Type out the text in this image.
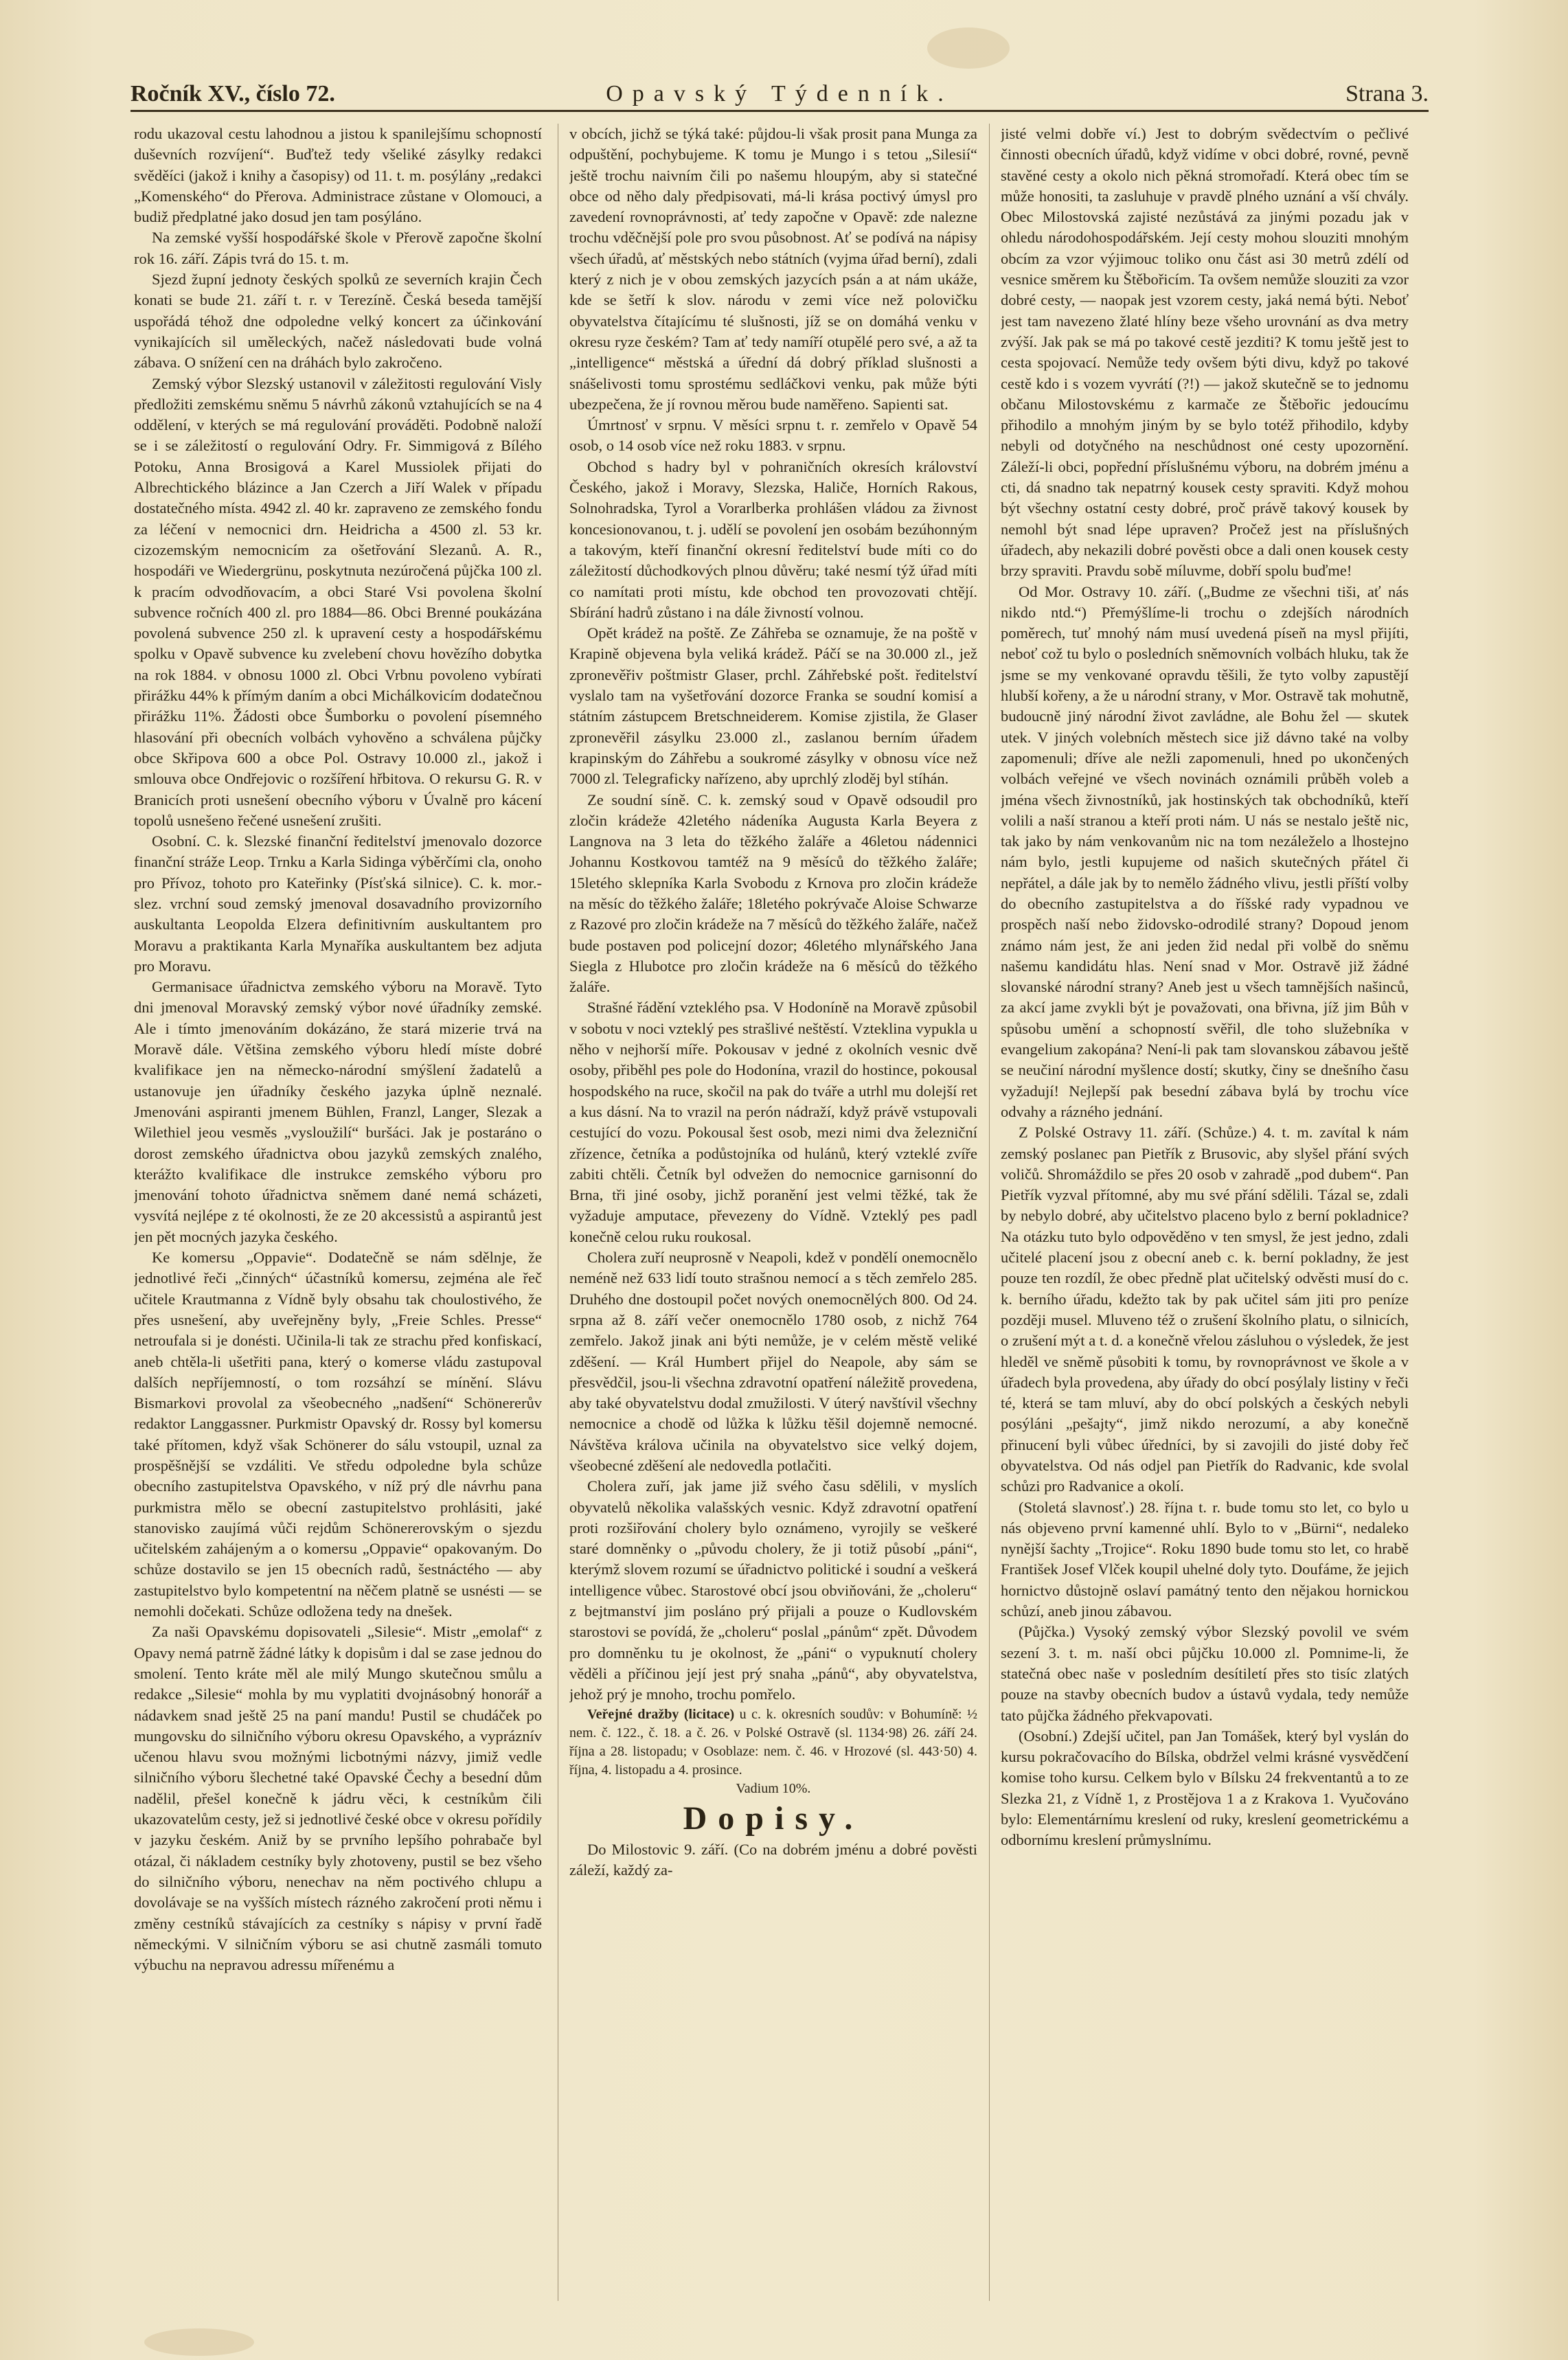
Ročník XV., číslo 72.	Opavský Týdenník.	Strana 3.

rodu ukazoval cestu lahodnou a jistou k spanilejšímu schopností duševních rozvíjení“. Buďtež tedy všeliké zásylky redakci svěděíci (jakož i knihy a časopisy) od 11. t. m. posýlány „redakci „Komenského“ do Přerova. Administrace zůstane v Olomouci, a budiž předplatné jako dosud jen tam posýláno.

Na zemské vyšší hospodářské škole v Přerově započne školní rok 16. září. Zápis tvrá do 15. t. m.

Sjezd župní jednoty českých spolků ze severních krajin Čech konati se bude 21. září t. r. v Terezíně. Česká beseda tamější uspořádá téhož dne odpoledne velký koncert za účinkování vynikajících sil uměleckých, načež následovati bude volná zábava. O snížení cen na dráhách bylo zakročeno.

Zemský výbor Slezský ustanovil v záležitosti regulování Visly předložiti zemskému sněmu 5 návrhů zákonů vztahujících se na 4 oddělení, v kterých se má regulování prováděti. Podobně naloží se i se záležitostí o regulování Odry. Fr. Simmigová z Bílého Potoku, Anna Brosigová a Karel Mussiolek přijati do Albrechtického blázince a Jan Czerch a Jiří Walek v případu dostatečného místa. 4942 zl. 40 kr. zapraveno ze zemského fondu za léčení v nemocnici drn. Heidricha a 4500 zl. 53 kr. cizozemským nemocnicím za ošetřování Slezanů. A. R., hospodáři ve Wiedergrünu, poskytnuta nezúročená půjčka 100 zl. k pracím odvodňovacím, a obci Staré Vsi povolena školní subvence ročních 400 zl. pro 1884—86. Obci Brenné poukázána povolená subvence 250 zl. k upravení cesty a hospodářskému spolku v Opavě subvence ku zvelebení chovu hovězího dobytka na rok 1884. v obnosu 1000 zl. Obci Vrbnu povoleno vybírati přirážku 44% k přímým daním a obci Michálkovicím dodatečnou přirážku 11%. Žádosti obce Šumborku o povolení písemného hlasování při obecních volbách vyhověno a schválena půjčky obce Skřipova 600 a obce Pol. Ostravy 10.000 zl., jakož i smlouva obce Ondřejovic o rozšíření hřbitova. O rekursu G. R. v Branicích proti usnešení obecního výboru v Úvalně pro kácení topolů usnešeno řečené usnešení zrušiti.

Osobní. C. k. Slezské finanční ředitelství jmenovalo dozorce finanční stráže Leop. Trnku a Karla Sidinga výběrčími cla, onoho pro Přívoz, tohoto pro Kateřinky (Písťská silnice). C. k. mor.-slez. vrchní soud zemský jmenoval dosavadního provizorního auskultanta Leopolda Elzera definitivním auskultantem pro Moravu a praktikanta Karla Mynaříka auskultantem bez adjuta pro Moravu.

Germanisace úřadnictva zemského výboru na Moravě. Tyto dni jmenoval Moravský zemský výbor nové úřadníky zemské. Ale i tímto jmenováním dokázáno, že stará mizerie trvá na Moravě dále. Většina zemského výboru hledí míste dobré kvalifikace jen na německo-národní smýšlení žadatelů a ustanovuje jen úřadníky českého jazyka úplně neznalé. Jmenováni aspiranti jmenem Bühlen, Franzl, Langer, Slezak a Wilethiel jeou vesměs „vysloužilí“ buršáci. Jak je postaráno o dorost zemského úřadnictva obou jazyků zemských znalého, kterážto kvalifikace dle instrukce zemského výboru pro jmenování tohoto úřadnictva sněmem dané nemá scházeti, vysvítá nejlépe z té okolnosti, že ze 20 akcessistů a aspirantů jest jen pět mocných jazyka českého.

Ke komersu „Oppavie“. Dodatečně se nám sdělnje, že jednotlivé řeči „činných“ účastníků komersu, zejména ale řeč učitele Krautmanna z Vídně byly obsahu tak choulostivého, že přes usnešení, aby uveřejněny byly, „Freie Schles. Presse“ netroufala si je donésti. Učinila-li tak ze strachu před konfiskací, aneb chtěla-li ušetřiti pana, který o komerse vládu zastupoval dalších nepříjemností, o tom rozsáhzí se mínění. Slávu Bismarkovi provolal za všeobecného „nadšení“ Schönererův redaktor Langgassner. Purkmistr Opavský dr. Rossy byl komersu také přítomen, když však Schönerer do sálu vstoupil, uznal za prospěšnější se vzdáliti. Ve středu odpoledne byla schůze obecního zastupitelstva Opavského, v níž prý dle návrhu pana purkmistra mělo se obecní zastupitelstvo prohlásiti, jaké stanovisko zaujímá vůči rejdům Schönererovským o sjezdu učitelském zahájeným a o komersu „Oppavie“ opakovaným. Do schůze dostavilo se jen 15 obecních radů, šestnáctého — aby zastupitelstvo bylo kompetentní na něčem platně se usnésti — se nemohli dočekati. Schůze odložena tedy na dnešek.

Za naši Opavskému dopisovateli „Silesie“. Mistr „emolaf“ z Opavy nemá patrně žádné látky k dopisům i dal se zase jednou do smolení. Tento kráte měl ale milý Mungo skutečnou smůlu a redakce „Silesie“ mohla by mu vyplatiti dvojnásobný honorář a nádavkem snad ještě 25 na paní mandu! Pustil se chudáček po mungovsku do silničního výboru okresu Opavského, a vypráznív učenou hlavu svou možnými licbotnými názvy, jimiž vedle silničního výboru šlechetné také Opavské Čechy a besední dům nadělil, přešel konečně k jádru věci, k cestníkům čili ukazovatelům cesty, jež si jednotlivé české obce v okresu pořídily v jazyku českém. Aniž by se prvního lepšího pohrabače byl otázal, či nákladem cestníky byly zhotoveny, pustil se bez všeho do silničního výboru, nenechav na něm poctivého chlupu a dovolávaje se na vyšších místech rázného zakročení proti němu i změny cestníků stávajících za cestníky s nápisy v první řadě německými. V silničním výboru se asi chutně zasmáli tomuto výbuchu na nepravou adressu mířenému a

v obcích, jichž se týká také: půjdou-li však prosit pana Munga za odpuštění, pochybujeme. K tomu je Mungo i s tetou „Silesií“ ještě trochu naivním čili po našemu hloupým, aby si statečné obce od něho daly předpisovati, má-li krása poctivý úmysl pro zavedení rovnoprávnosti, ať tedy započne v Opavě: zde nalezne trochu vděčnější pole pro svou působnost. Ať se podívá na nápisy všech úřadů, ať městských nebo státních (vyjma úřad berní), zdali který z nich je v obou zemských jazycích psán a at nám ukáže, kde se šetří k slov. národu v zemi více než polovičku obyvatelstva čítajícímu té slušnosti, jíž se on domáhá venku v okresu ryze českém? Tam ať tedy namíří otupělé pero své, a až ta „intelligence“ městská a úřední dá dobrý příklad slušnosti a snášelivosti tomu sprostému sedláčkovi venku, pak může býti ubezpečena, že jí rovnou měrou bude naměřeno. Sapienti sat.

Úmrtnosť v srpnu. V měsíci srpnu t. r. zemřelo v Opavě 54 osob, o 14 osob více než roku 1883. v srpnu.

Obchod s hadry byl v pohraničních okresích království Českého, jakož i Moravy, Slezska, Haliče, Horních Rakous, Solnohradska, Tyrol a Vorarlberka prohlášen vládou za živnost koncesionovanou, t. j. udělí se povolení jen osobám bezúhonným a takovým, kteří finanční okresní ředitelství bude míti co do záležitostí důchodkových plnou důvěru; také nesmí týž úřad míti co namítati proti místu, kde obchod ten provozovati chtějí. Sbírání hadrů zůstano i na dále živností volnou.

Opět krádež na poště. Ze Záhřeba se oznamuje, že na poště v Krapině objevena byla veliká krádež. Páčí se na 30.000 zl., jež zpronevěřiv poštmistr Glaser, prchl. Záhřebské pošt. ředitelství vyslalo tam na vyšetřování dozorce Franka se soudní komisí a státním zástupcem Bretschneiderem. Komise zjistila, že Glaser zpronevěřil zásylku 23.000 zl., zaslanou berním úřadem krapinským do Záhřebu a soukromé zásylky v obnosu více než 7000 zl. Telegraficky nařízeno, aby uprchlý zloděj byl stíhán.

Ze soudní síně. C. k. zemský soud v Opavě odsoudil pro zločin krádeže 42letého nádeníka Augusta Karla Beyera z Langnova na 3 leta do těžkého žaláře a 46letou nádennici Johannu Kostkovou tamtéž na 9 měsíců do těžkého žaláře; 15letého sklepníka Karla Svobodu z Krnova pro zločin krádeže na měsíc do těžkého žaláře; 18letého pokrývače Aloise Schwarze z Razové pro zločin krádeže na 7 měsíců do těžkého žaláře, načež bude postaven pod policejní dozor; 46letého mlynářského Jana Siegla z Hlubotce pro zločin krádeže na 6 měsíců do těžkého žaláře.

Strašné řádění vzteklého psa. V Hodoníně na Moravě způsobil v sobotu v noci vzteklý pes strašlivé neštěstí. Vzteklina vypukla u něho v nejhorší míře. Pokousav v jedné z okolních vesnic dvě osoby, přiběhl pes pole do Hodonína, vrazil do hostince, pokousal hospodského na ruce, skočil na pak do tváře a utrhl mu dolejší ret a kus dásní. Na to vrazil na perón nádraží, když právě vstupovali cestující do vozu. Pokousal šest osob, mezi nimi dva železniční zřízence, četníka a podůstojníka od hulánů, který vzteklé zvíře zabiti chtěli. Četník byl odvežen do nemocnice garnisonní do Brna, tři jiné osoby, jichž poranění jest velmi těžké, tak že vyžaduje amputace, převezeny do Vídně. Vzteklý pes padl konečně celou ruku roukosal.

Cholera zuří neuprosně v Neapoli, kdež v pondělí onemocnělo neméně než 633 lidí touto strašnou nemocí a s těch zemřelo 285. Druhého dne dostoupil počet nových onemocnělých 800. Od 24. srpna až 8. září večer onemocnělo 1780 osob, z nichž 764 zemřelo. Jakož jinak ani býti nemůže, je v celém městě veliké zděšení. — Král Humbert přijel do Neapole, aby sám se přesvědčil, jsou-li všechna zdravotní opatření náležitě provedena, aby také obyvatelstvu dodal zmužilosti. V úterý navštívil všechny nemocnice a chodě od lůžka k lůžku těšil dojemně nemocné. Návštěva králova učinila na obyvatelstvo sice velký dojem, všeobecné zděšení ale nedovedla potlačiti.

Cholera zuří, jak jame již svého času sdělili, v myslích obyvatelů několika valašských vesnic. Když zdravotní opatření proti rozšiřování cholery bylo oznámeno, vyrojily se veškeré staré domněnky o „původu cholery, že ji totiž působí „páni“, kterýmž slovem rozumí se úřadnictvo politické i soudní a veškerá intelligence vůbec. Starostové obcí jsou obviňováni, že „choleru“ z bejtmanství jim posláno prý přijali a pouze o Kudlovském starostovi se povídá, že „choleru“ poslal „pánům“ zpět. Důvodem pro domněnku tu je okolnost, že „páni“ o vypuknutí cholery věděli a příčinou její jest prý snaha „pánů“, aby obyvatelstva, jehož prý je mnoho, trochu pomřelo.

Veřejné dražby (licitace) u c. k. okresních soudův: v Bohumíně: ½ nem. č. 122., č. 18. a č. 26. v Polské Ostravě (sl. 1134·98) 26. září 24. října a 28. listopadu; v Osoblaze: nem. č. 46. v Hrozové (sl. 443·50) 4. října, 4. listopadu a 4. prosince.

Vadium 10%.

Dopisy.

Do Milostovic 9. září. (Co na dobrém jménu a dobré pověsti záleží, každý za-

jisté velmi dobře ví.) Jest to dobrým svědectvím o pečlivé činnosti obecních úřadů, když vidíme v obci dobré, rovné, pevně stavěné cesty a okolo nich pěkná stromořadí. Která obec tím se může honositi, ta zasluhuje v pravdě plného uznání a vší chvály. Obec Milostovská zajisté nezůstává za jinými pozadu jak v ohledu národohospodářském. Její cesty mohou slouziti mnohým obcím za vzor výjimouc toliko onu část asi 30 metrů zdélí od vesnice směrem ku Štěbořicím. Ta ovšem nemůže slouziti za vzor dobré cesty, — naopak jest vzorem cesty, jaká nemá býti. Neboť jest tam navezeno žlaté hlíny beze všeho urovnání as dva metry zvýší. Jak pak se má po takové cestě jezditi? K tomu ještě jest to cesta spojovací. Nemůže tedy ovšem býti divu, když po takové cestě kdo i s vozem vyvrátí (?!) — jakož skutečně se to jednomu občanu Milostovskému z karmače ze Štěbořic jedoucímu přihodilo a mnohým jiným by se bylo totéž přihodilo, kdyby nebyli od dotyčného na neschůdnost oné cesty upozornění. Záleží-li obci, popřední příslušnému výboru, na dobrém jménu a cti, dá snadno tak nepatrný kousek cesty spraviti. Když mohou být všechny ostatní cesty dobré, proč právě takový kousek by nemohl být snad lépe upraven? Pročež jest na příslušných úřadech, aby nekazili dobré pověsti obce a dali onen kousek cesty brzy spraviti. Pravdu sobě míluvme, dobří spolu buďme!

Od Mor. Ostravy 10. září. („Budme ze všechni tiši, ať nás nikdo ntd.“) Přemýšlíme-li trochu o zdejších národních poměrech, tuť mnohý nám musí uvedená píseň na mysl přijíti, neboť což tu bylo o posledních sněmovních volbách hluku, tak že jsme se my venkované opravdu těšili, že tyto volby zapustějí hlubší kořeny, a že u národní strany, v Mor. Ostravě tak mohutně, budoucně jiný národní život zavládne, ale Bohu žel — skutek utek. V jiných volebních městech sice již dávno také na volby zapomenuli; dříve ale nežli zapomenuli, hned po ukončených volbách veřejné ve všech novinách oznámili průběh voleb a jména všech živnostníků, jak hostinských tak obchodníků, kteří volili a naší stranou a kteří proti nám. U nás se nestalo ještě nic, tak jako by nám venkovanům nic na tom nezáleželo a lhostejno nám bylo, jestli kupujeme od našich skutečných přátel či nepřátel, a dále jak by to nemělo žádného vlivu, jestli příští volby do obecního zastupitelstva a do říšské rady vypadnou ve prospěch naší nebo židovsko-odrodilé strany? Dopoud jenom známo nám jest, že ani jeden žid nedal při volbě do sněmu našemu kandidátu hlas. Není snad v Mor. Ostravě již žádné slovanské národní strany? Aneb jest u všech tamnějších našinců, za akcí jame zvykli být je považovati, ona břivna, jíž jim Bůh v spůsobu umění a schopností svěřil, dle toho služebníka v evangelium zakopána? Není-li pak tam slovanskou zábavou ještě se neučiní národní myšlence dostí; skutky, činy se dnešního času vyžadují! Nejlepší pak besední zábava bylá by trochu více odvahy a rázného jednání.

Z Polské Ostravy 11. září. (Schůze.) 4. t. m. zavítal k nám zemský poslanec pan Pietřík z Brusovic, aby slyšel přání svých voličů. Shromáždilo se přes 20 osob v zahradě „pod dubem“. Pan Pietřík vyzval přítomné, aby mu své přání sdělili. Tázal se, zdali by nebylo dobré, aby učitelstvo placeno bylo z berní pokladnice? Na otázku tuto bylo odpověděno v ten smysl, že jest jedno, zdali učitelé placení jsou z obecní aneb c. k. berní pokladny, že jest pouze ten rozdíl, že obec předně plat učitelský odvěsti musí do c. k. berního úřadu, kdežto tak by pak učitel sám jiti pro peníze později musel. Mluveno též o zrušení školního platu, o silnicích, o zrušení mýt a t. d. a konečně vřelou zásluhou o výsledek, že jest hleděl ve sněmě působiti k tomu, by rovnoprávnost ve škole a v úřadech byla provedena, aby úřady do obcí posýlaly listiny v řeči té, která se tam mluví, aby do obcí polských a českých nebyli posýláni „pešajty“, jimž nikdo nerozumí, a aby konečně přinucení byli vůbec úředníci, by si zavojili do jisté doby řeč obyvatelstva. Od nás odjel pan Pietřík do Radvanic, kde svolal schůzi pro Radvanice a okolí.

(Stoletá slavnosť.) 28. října t. r. bude tomu sto let, co bylo u nás objeveno první kamenné uhlí. Bylo to v „Bürni“, nedaleko nynější šachty „Trojice“. Roku 1890 bude tomu sto let, co hrabě František Josef Vlček koupil uhelné doly tyto. Doufáme, že jejich hornictvo důstojně oslaví památný tento den nějakou hornickou schůzí, aneb jinou zábavou.

(Půjčka.) Vysoký zemský výbor Slezský povolil ve svém sezení 3. t. m. naší obci půjčku 10.000 zl. Pomnime-li, že statečná obec naše v posledním desítiletí přes sto tisíc zlatých pouze na stavby obecních budov a ústavů vydala, tedy nemůže tato půjčka žádného překvapovati.

(Osobní.) Zdejší učitel, pan Jan Tomášek, který byl vyslán do kursu pokračovacího do Bílska, obdržel velmi krásné vysvědčení komise toho kursu. Celkem bylo v Bílsku 24 frekventantů a to ze Slezka 21, z Vídně 1, z Prostějova 1 a z Krakova 1. Vyučováno bylo: Elementárnímu kreslení od ruky, kreslení geometrickému a odbornímu kreslení průmyslnímu.
